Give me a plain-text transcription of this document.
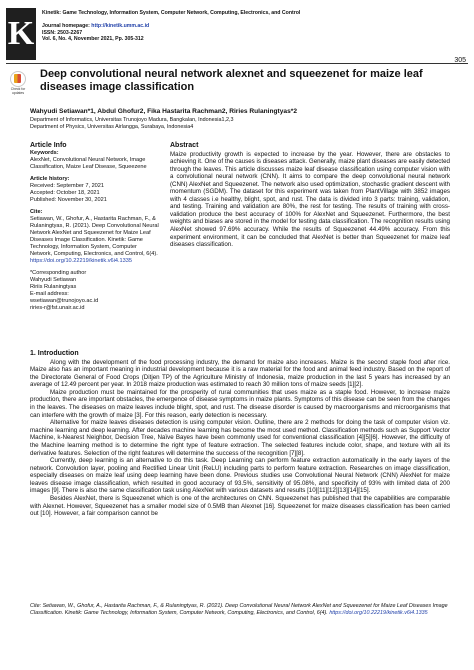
K
Kinetik: Game Technology, Information System, Computer Network, Computing, Electronics, and Control
Journal homepage: http://kinetik.umm.ac.id
ISSN: 2503-2267
Vol. 6, No. 4, November 2021, Pp. 305-312
305
Check for updates
Deep convolutional neural network alexnet and squeezenet for maize leaf diseases image classification
Wahyudi Setiawan*1, Abdul Ghofur2, Fika Hastarita Rachman2, Riries Rulaningtyas*2
Department of Informatics, Universitas Trunojoyo Madura, Bangkalan, Indonesia1,2,3
Department of Physics, Universitas Airlangga, Surabaya, Indonesia4
Article Info
Keywords:
AlexNet, Convolutional Neural Network, Image Classification, Maize Leaf Disease, Squeezene
Article history:
Received: September 7, 2021
Accepted: October 18, 2021
Published: November 30, 2021
Cite:
Setiawan, W., Ghofur, A., Hastarita Rachman, F., & Rulaningtyas, R. (2021). Deep Convolutional Neural Network AlexNet and Squeezenet for Maize Leaf Diseases Image Classification. Kinetik: Game Technology, Information System, Computer Network, Computing, Electronics, and Control, 6(4).
https://doi.org/10.22219/kinetik.v6i4.1335
*Corresponding author
Wahyudi Setiawan
Ririis Rulaningtyas
E-mail address:
wsetiawan@trunojoyo.ac.id
riries-r@fst.unair.ac.id
Abstract

Maize productivity growth is expected to increase by the year. However, there are obstacles to achieving it. One of the causes is diseases attack. Generally, maize plant diseases are easily detected through the leaves. This article discusses maize leaf disease classification using computer vision with a convolutional neural network (CNN). It aims to compare the deep convolutional neural network (CNN) AlexNet and Squeezenet. The network also used optimization, stochastic gradient descent with momentum (SGDM). The dataset for this experiment was taken from PlantVillage with 3852 images with 4 classes i.e healthy, blight, spot, and rust. The data is divided into 3 parts: training, validation, and testing. Training and validation are 80%, the rest for testing. The results of training with cross-validation produce the best accuracy of 100% for AlexNet and Squeezenet. Furthermore, the best weights and biases are stored in the model for testing data classification. The recognition results using AlexNet showed 97.69% accuracy. While the results of Squeezenet 44.49% accuracy. From this experiment environment, it can be concluded that AlexNet is better than Squeezenet for maize leaf diseases classification.

1. Introduction

Along with the development of the food processing industry, the demand for maize also increases. Maize is the second staple food after rice. Maize also has an important meaning in industrial development because it is a raw material for the food and animal feed industry. Based on the report of the Directorate General of Food Crops (Ditjen TP) of the Agriculture Ministry of Indonesia, maize production in the last 5 years has increased by an average of 12.49 percent per year. In 2018 maize production was estimated to reach 30 million tons of maize seeds [1][2].

Maize production must be maintained for the prosperity of rural communities that uses maize as a staple food. However, to increase maize production, there are important obstacles, the emergence of disease symptoms in maize plants. Symptoms of this disease can be seen from the changes in the leaves. The diseases on maize leaves include blight, spot, and rust. The disease disorder is caused by macroorganisms and microorganisms that can interfere with the growth of maize [3]. For this reason, early detection is necessary.

Alternative for maize leaves diseases detection is using computer vision. Outline, there are 2 methods for doing the task of computer vision viz. machine learning and deep learning. After decades machine learning has become the most used method. Classification methods such as Support Vector Machine, k-Nearest Neighbor, Decision Tree, Naïve Bayes have been commonly used for conventional classification [4][5][6]. However, the difficulty of the Machine learning method is to determine the right type of feature extraction. The selected features include color, shape, and texture with all its derivative features. Selection of the right features will determine the success of the recognition [7][8].

Currently, deep learning is an alternative to do this task. Deep Learning can perform feature extraction automatically in the early layers of the network. Convolution layer, pooling and Rectified Linear Unit (ReLU) including parts to perform feature extraction. Researches on image classification, especially diseases on maize leaf using deep learning have been done. Previous studies use Convolutional Neural Network (CNN) AlexNet for maize leaves disease image classification, which resulted in good accuracy of 93.5%, sensitivity of 95.08%, and specificity of 93% with limited data of 200 images [9]. There is also the same classification task using AlexNet with various datasets and results [10][11][12][13][14][15].

Besides AlexNet, there is Squeezenet which is one of the architectures on CNN. Squeezenet has published that the capabilities are comparable with Alexnet. However, Squeezenet has a smaller model size of 0.5MB than Alexnet [16]. Squeezenet for maize diseases classification has been carried out [10]. However, a fair comparison cannot be

Cite: Setiawan, W., Ghofur, A., Hastarita Rachman, F., & Rulaningtyas, R. (2021). Deep Convolutional Neural Network AlexNet and Squeezenet for Maize Leaf Diseases Image Classification. Kinetik: Game Technology, Information System, Computer Network, Computing, Electronics, and Control, 6(4). https://doi.org/10.22219/kinetik.v6i4.1335
